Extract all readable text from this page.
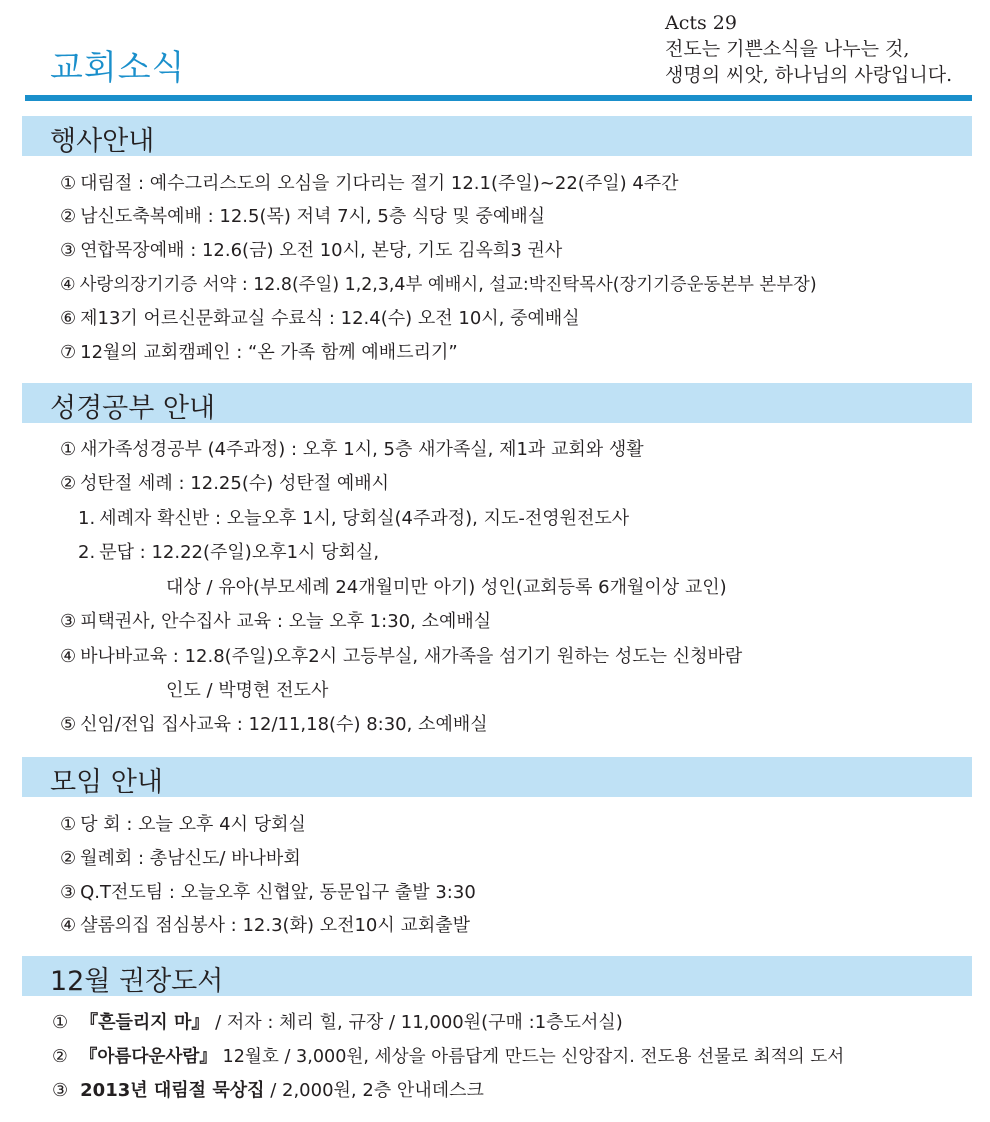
교회소식
Acts 29
전도는 기쁜소식을 나누는 것,
생명의 씨앗, 하나님의 사랑입니다.
행사안내
① 대림절 : 예수그리스도의 오심을 기다리는 절기 12.1(주일)~22(주일) 4주간
② 남신도축복예배 : 12.5(목) 저녁 7시, 5층 식당 및 중예배실
③ 연합목장예배 : 12.6(금) 오전 10시, 본당, 기도 김옥희3 권사
④ 사랑의장기기증 서약 : 12.8(주일) 1,2,3,4부 예배시, 설교:박진탁목사(장기기증운동본부 본부장)
⑥ 제13기 어르신문화교실 수료식 : 12.4(수) 오전 10시, 중예배실
⑦ 12월의 교회캠페인 : “온 가족 함께 예배드리기”
성경공부 안내
① 새가족성경공부 (4주과정) : 오후 1시, 5층 새가족실, 제1과 교회와 생활
② 성탄절 세례 : 12.25(수) 성탄절 예배시
1. 세례자 확신반 : 오늘오후 1시, 당회실(4주과정), 지도-전영원전도사
2. 문답 : 12.22(주일)오후1시 당회실,
대상 / 유아(부모세례 24개월미만 아기) 성인(교회등록 6개월이상 교인)
③ 피택권사, 안수집사 교육 : 오늘 오후 1:30, 소예배실
④ 바나바교육 : 12.8(주일)오후2시 고등부실, 새가족을 섬기기 원하는 성도는 신청바람
인도 / 박명현 전도사
⑤ 신임/전입 집사교육 : 12/11,18(수) 8:30, 소예배실
모임 안내
① 당 회 : 오늘 오후 4시 당회실
② 월례회 : 총남신도/ 바나바회
③ Q.T전도팀 : 오늘오후 신협앞, 동문입구 출발 3:30
④ 샬롬의집 점심봉사 : 12.3(화) 오전10시 교회출발
12월 권장도서
① 『흔들리지 마』 / 저자 : 체리 힐, 규장 / 11,000원(구매 :1층도서실)
② 『아름다운사람』 12월호 / 3,000원, 세상을 아름답게 만드는 신앙잡지. 전도용 선물로 최적의 도서
③ 2013년 대림절 묵상집 / 2,000원, 2층 안내데스크
